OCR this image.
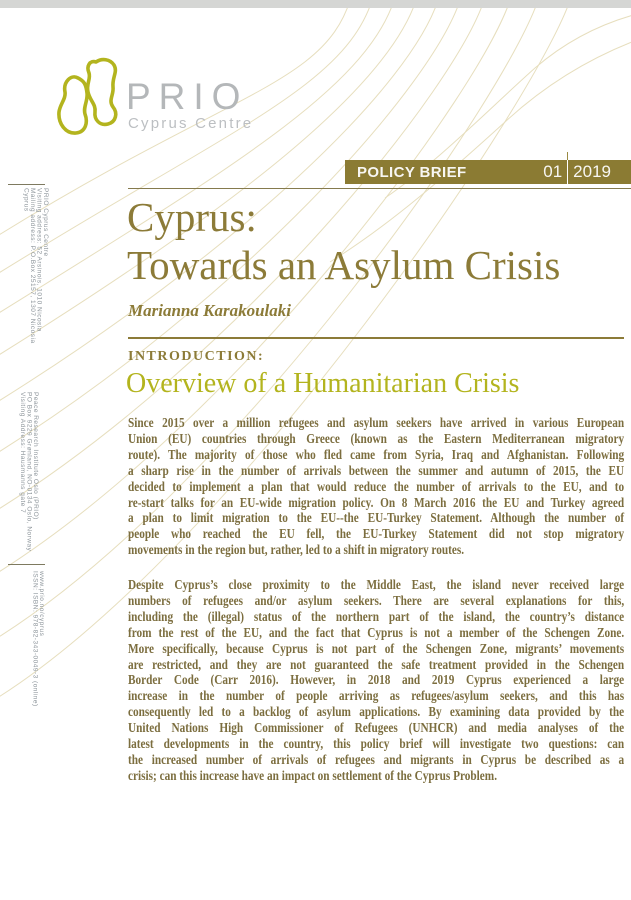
PRIO
Cyprus Centre
PRIO Cyprus Centre
Visiting address: 52 Arsinois, 1010 Nicosia
Mailing address: P.O.Box 25157, 1307 Nicosia
Cyprus
Peace Research Institute Oslo (PRIO)
PO Box 9229 Grønland, NO-0134 Oslo, Norway
Visiting Address: Hausmanns gate 7
www.prio.no/cyprus
ISSN: ISBN: 978-82-343-0049-3 (online)
POLICY BRIEF	01 2019
Cyprus:
Towards an Asylum Crisis
Marianna Karakoulaki
INTRODUCTION:
Overview of a Humanitarian Crisis
Since 2015 over a million refugees and asylum seekers have arrived in various European
Union (EU) countries through Greece (known as the Eastern Mediterranean migratory
route). The majority of those who fled came from Syria, Iraq and Afghanistan. Following
a sharp rise in the number of arrivals between the summer and autumn of 2015, the EU
decided to implement a plan that would reduce the number of arrivals to the EU, and to
re-start talks for an EU-wide migration policy. On 8 March 2016 the EU and Turkey agreed
a plan to limit migration to the EU--the EU-Turkey Statement. Although the number of
people who reached the EU fell, the EU-Turkey Statement did not stop migratory
movements in the region but, rather, led to a shift in migratory routes.
Despite Cyprus’s close proximity to the Middle East, the island never received large
numbers of refugees and/or asylum seekers. There are several explanations for this,
including the (illegal) status of the northern part of the island, the country’s distance
from the rest of the EU, and the fact that Cyprus is not a member of the Schengen Zone.
More specifically, because Cyprus is not part of the Schengen Zone, migrants’ movements
are restricted, and they are not guaranteed the safe treatment provided in the Schengen
Border Code (Carr 2016). However, in 2018 and 2019 Cyprus experienced a large
increase in the number of people arriving as refugees/asylum seekers, and this has
consequently led to a backlog of asylum applications. By examining data provided by the
United Nations High Commissioner of Refugees (UNHCR) and media analyses of the
latest developments in the country, this policy brief will investigate two questions: can
the increased number of arrivals of refugees and migrants in Cyprus be described as a
crisis; can this increase have an impact on settlement of the Cyprus Problem.
